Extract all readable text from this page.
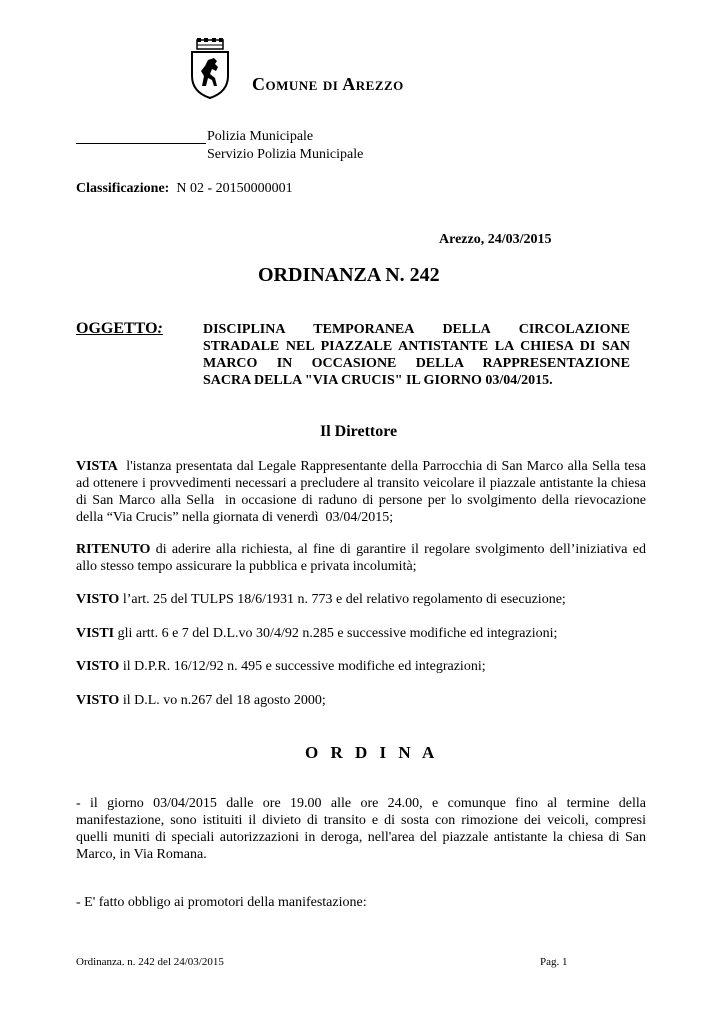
Comune di Arezzo
Polizia Municipale
Servizio Polizia Municipale
Classificazione: N 02 - 20150000001
Arezzo, 24/03/2015
ORDINANZA N. 242
OGGETTO:	DISCIPLINA TEMPORANEA DELLA CIRCOLAZIONE
STRADALE NEL PIAZZALE ANTISTANTE LA CHIESA DI SAN
MARCO IN OCCASIONE DELLA RAPPRESENTAZIONE
SACRA DELLA "VIA CRUCIS" IL GIORNO 03/04/2015.
Il Direttore
VISTA  l'istanza presentata dal Legale Rappresentante della Parrocchia di San Marco alla Sella tesa ad ottenere i provvedimenti necessari a precludere al transito veicolare il piazzale antistante la chiesa di San Marco alla Sella  in occasione di raduno di persone per lo svolgimento della rievocazione della “Via Crucis” nella giornata di venerdì  03/04/2015;
RITENUTO di aderire alla richiesta, al fine di garantire il regolare svolgimento dell’iniziativa ed allo stesso tempo assicurare la pubblica e privata incolumità;
VISTO l’art. 25 del TULPS 18/6/1931 n. 773 e del relativo regolamento di esecuzione;
VISTI gli artt. 6 e 7 del D.L.vo 30/4/92 n.285 e successive modifiche ed integrazioni;
VISTO il D.P.R. 16/12/92 n. 495 e successive modifiche ed integrazioni;
VISTO il D.L. vo n.267 del 18 agosto 2000;
O R D I N A
- il giorno 03/04/2015 dalle ore 19.00 alle ore 24.00, e comunque fino al termine della manifestazione, sono istituiti il divieto di transito e di sosta con rimozione dei veicoli, compresi quelli muniti di speciali autorizzazioni in deroga, nell'area del piazzale antistante la chiesa di San Marco, in Via Romana.
- E' fatto obbligo ai promotori della manifestazione:
Ordinanza. n. 242 del 24/03/2015	Pag. 1
